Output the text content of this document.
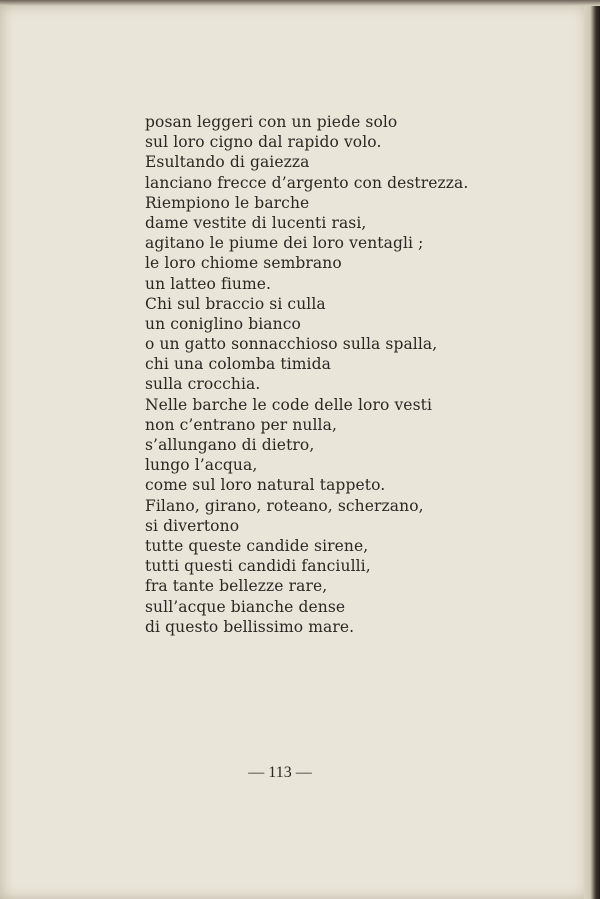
posan leggeri con un piede solo
sul loro cigno dal rapido volo.
Esultando di gaiezza
lanciano frecce d’argento con destrezza.
Riempiono le barche
dame vestite di lucenti rasi,
agitano le piume dei loro ventagli ;
le loro chiome sembrano
un latteo fiume.
Chi sul braccio si culla
un coniglino bianco
o un gatto sonnacchioso sulla spalla,
chi una colomba timida
sulla crocchia.
Nelle barche le code delle loro vesti
non c’entrano per nulla,
s’allungano di dietro,
lungo l’acqua,
come sul loro natural tappeto.
Filano, girano, roteano, scherzano,
si divertono
tutte queste candide sirene,
tutti questi candidi fanciulli,
fra tante bellezze rare,
sull’acque bianche dense
di questo bellissimo mare.
— 113 —
